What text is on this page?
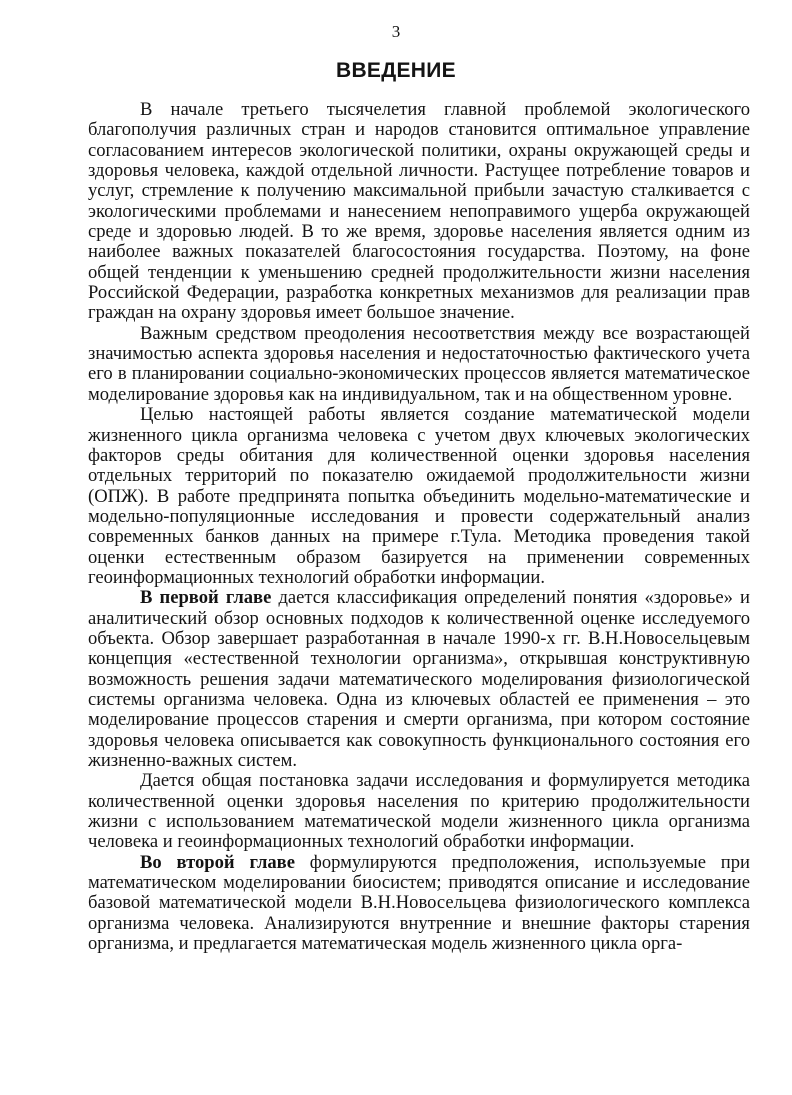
3
ВВЕДЕНИЕ

В начале третьего тысячелетия главной проблемой экологического благополучия различных стран и народов становится оптимальное управление согласованием интересов экологической политики, охраны окружающей среды и здоровья человека, каждой отдельной личности. Растущее потребление товаров и услуг, стремление к получению максимальной прибыли зачастую сталкивается с экологическими проблемами и нанесением непоправимого ущерба окружающей среде и здоровью людей. В то же время, здоровье населения является одним из наиболее важных показателей благосостояния государства. Поэтому, на фоне общей тенденции к уменьшению средней продолжительности жизни населения Российской Федерации, разработка конкретных механизмов для реализации прав граждан на охрану здоровья имеет большое значение.

Важным средством преодоления несоответствия между все возрастающей значимостью аспекта здоровья населения и недостаточностью фактического учета его в планировании социально-экономических процессов является математическое моделирование здоровья как на индивидуальном, так и на общественном уровне.

Целью настоящей работы является создание математической модели жизненного цикла организма человека с учетом двух ключевых экологических факторов среды обитания для количественной оценки здоровья населения отдельных территорий по показателю ожидаемой продолжительности жизни (ОПЖ). В работе предпринята попытка объединить модельно-математические и модельно-популяционные исследования и провести содержательный анализ современных банков данных на примере г.Тула. Методика проведения такой оценки естественным образом базируется на применении современных геоинформационных технологий обработки информации.

В первой главе дается классификация определений понятия «здоровье» и аналитический обзор основных подходов к количественной оценке исследуемого объекта. Обзор завершает разработанная в начале 1990-х гг. В.Н.Новосельцевым концепция «естественной технологии организма», открывшая конструктивную возможность решения задачи математического моделирования физиологической системы организма человека. Одна из ключевых областей ее применения – это моделирование процессов старения и смерти организма, при котором состояние здоровья человека описывается как совокупность функционального состояния его жизненно-важных систем.

Дается общая постановка задачи исследования и формулируется методика количественной оценки здоровья населения по критерию продолжительности жизни с использованием математической модели жизненного цикла организма человека и геоинформационных технологий обработки информации.

Во второй главе формулируются предположения, используемые при математическом моделировании биосистем; приводятся описание и исследование базовой математической модели В.Н.Новосельцева физиологического комплекса организма человека. Анализируются внутренние и внешние факторы старения организма, и предлагается математическая модель жизненного цикла орга-
